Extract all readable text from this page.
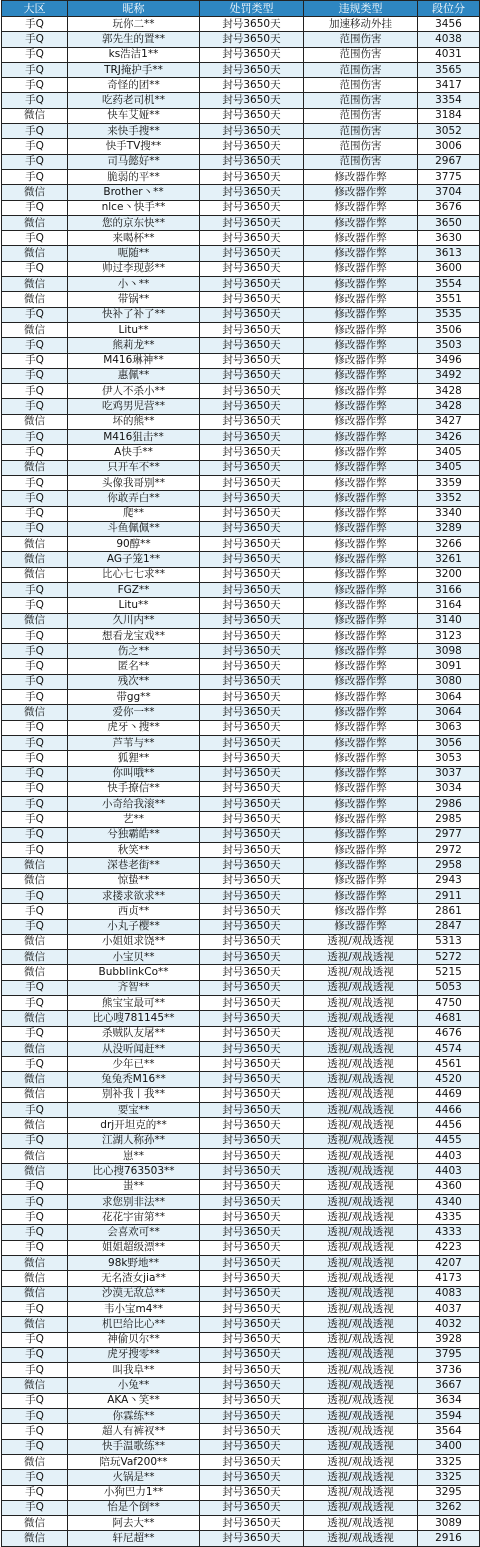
大区	昵称	处罚类型	违规类型	段位分
手Q	玩你二**	封号3650天	加速移动外挂	3456
手Q	郭先生的置**	封号3650天	范围伤害	4038
手Q	ks浩洁1**	封号3650天	范围伤害	4031
手Q	TRJ掩护手**	封号3650天	范围伤害	3565
手Q	奇怪的团**	封号3650天	范围伤害	3417
手Q	吃药老司机**	封号3650天	范围伤害	3354
微信	快车艾娅**	封号3650天	范围伤害	3184
手Q	来快手搜**	封号3650天	范围伤害	3052
手Q	快手TV搜**	封号3650天	范围伤害	3006
手Q	司马懿好**	封号3650天	范围伤害	2967
手Q	脆弱的平**	封号3650天	修改器作弊	3775
微信	Brother丶**	封号3650天	修改器作弊	3704
手Q	nlce丶快手**	封号3650天	修改器作弊	3676
微信	您的京东快**	封号3650天	修改器作弊	3650
手Q	来喝杯**	封号3650天	修改器作弊	3630
微信	呃随**	封号3650天	修改器作弊	3613
手Q	帅过李现彭**	封号3650天	修改器作弊	3600
微信	小丶**	封号3650天	修改器作弊	3554
微信	带锅**	封号3650天	修改器作弊	3551
手Q	快补了补了**	封号3650天	修改器作弊	3535
微信	Litu**	封号3650天	修改器作弊	3506
手Q	熊莉龙**	封号3650天	修改器作弊	3503
手Q	M416琳神**	封号3650天	修改器作弊	3496
手Q	惠佩**	封号3650天	修改器作弊	3492
手Q	伊人不杀小**	封号3650天	修改器作弊	3428
手Q	吃鸡男児营**	封号3650天	修改器作弊	3428
微信	坏的熊**	封号3650天	修改器作弊	3427
手Q	M416狙击**	封号3650天	修改器作弊	3426
手Q	A快手**	封号3650天	修改器作弊	3405
微信	只开车不**	封号3650天	修改器作弊	3405
手Q	头像我哥别**	封号3650天	修改器作弊	3359
手Q	你敢弄白**	封号3650天	修改器作弊	3352
手Q	爬**	封号3650天	修改器作弊	3340
手Q	斗鱼佩佩**	封号3650天	修改器作弊	3289
微信	90醇**	封号3650天	修改器作弊	3266
微信	AG子笼1**	封号3650天	修改器作弊	3261
微信	比心七七求**	封号3650天	修改器作弊	3200
手Q	FGZ**	封号3650天	修改器作弊	3166
手Q	Litu**	封号3650天	修改器作弊	3164
微信	久川内**	封号3650天	修改器作弊	3140
手Q	想看龙宝戏**	封号3650天	修改器作弊	3123
手Q	伤之**	封号3650天	修改器作弊	3098
手Q	匿名**	封号3650天	修改器作弊	3091
手Q	残次**	封号3650天	修改器作弊	3080
手Q	带gg**	封号3650天	修改器作弊	3064
微信	爱你一**	封号3650天	修改器作弊	3064
手Q	虎牙丶搜**	封号3650天	修改器作弊	3063
手Q	芦苇与**	封号3650天	修改器作弊	3056
手Q	狐狸**	封号3650天	修改器作弊	3053
手Q	你叫哦**	封号3650天	修改器作弊	3037
手Q	快手撩信**	封号3650天	修改器作弊	3034
手Q	小奇给我滚**	封号3650天	修改器作弊	2986
手Q	艺**	封号3650天	修改器作弊	2985
手Q	兮独霸皓**	封号3650天	修改器作弊	2977
手Q	秋笑**	封号3650天	修改器作弊	2972
微信	深巷老街**	封号3650天	修改器作弊	2958
微信	惊蛰**	封号3650天	修改器作弊	2943
手Q	求搂求欲求**	封号3650天	修改器作弊	2911
手Q	西贞**	封号3650天	修改器作弊	2861
手Q	小丸子樱**	封号3650天	修改器作弊	2847
微信	小姐姐求饶**	封号3650天	透视/观战透视	5313
微信	小宝贝**	封号3650天	透视/观战透视	5272
微信	BubblinkCo**	封号3650天	透视/观战透视	5215
手Q	齐智**	封号3650天	透视/观战透视	5053
手Q	熊宝宝最可**	封号3650天	透视/观战透视	4750
微信	比心嗖781145**	封号3650天	透视/观战透视	4681
手Q	杀贼队友屠**	封号3650天	透视/观战透视	4676
微信	从没听闻赶**	封号3650天	透视/观战透视	4574
手Q	少年已**	封号3650天	透视/观战透视	4561
微信	兔兔秃M16**	封号3650天	透视/观战透视	4520
微信	别补我丨我**	封号3650天	透视/观战透视	4469
手Q	要宝**	封号3650天	透视/观战透视	4466
微信	drj开坦克的**	封号3650天	透视/观战透视	4456
手Q	江湖人称孙**	封号3650天	透视/观战透视	4455
微信	崽**	封号3650天	透视/观战透视	4403
微信	比心搜763503**	封号3650天	透视/观战透视	4403
手Q	蚩**	封号3650天	透视/观战透视	4360
手Q	求您别非法**	封号3650天	透视/观战透视	4340
手Q	花花宇宙第**	封号3650天	透视/观战透视	4335
手Q	会喜欢可**	封号3650天	透视/观战透视	4333
手Q	姐姐超级漂**	封号3650天	透视/观战透视	4223
微信	98k野地**	封号3650天	透视/观战透视	4207
微信	无名渣女jia**	封号3650天	透视/观战透视	4173
微信	沙漠无敌总**	封号3650天	透视/观战透视	4083
手Q	韦小宝m4**	封号3650天	透视/观战透视	4037
微信	机巴给比心**	封号3650天	透视/观战透视	4032
手Q	神偷贝尔**	封号3650天	透视/观战透视	3928
手Q	虎牙搜零**	封号3650天	透视/观战透视	3795
手Q	叫我阜**	封号3650天	透视/观战透视	3736
微信	小兔**	封号3650天	透视/观战透视	3667
手Q	AKA丶笑**	封号3650天	透视/观战透视	3634
手Q	你霖练**	封号3650天	透视/观战透视	3594
手Q	超人有裤衩**	封号3650天	透视/观战透视	3564
手Q	快手温歌练**	封号3650天	透视/观战透视	3400
微信	陪玩Vaf200**	封号3650天	透视/观战透视	3325
手Q	火锅是**	封号3650天	透视/观战透视	3325
手Q	小狗巴力1**	封号3650天	透视/观战透视	3295
手Q	怡是个倒**	封号3650天	透视/观战透视	3262
微信	阿去大**	封号3650天	透视/观战透视	3089
微信	轩尼超**	封号3650天	透视/观战透视	2916
